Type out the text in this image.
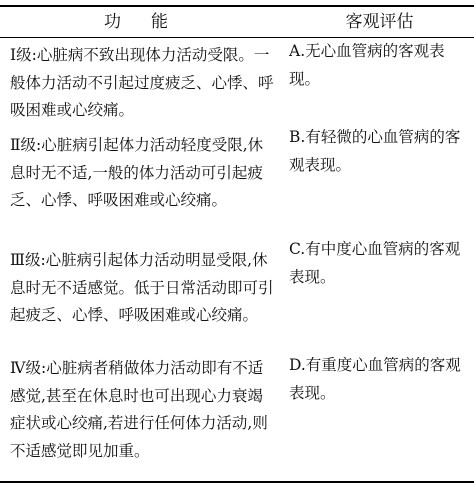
功能	客观评估
Ⅰ级:心脏病不致出现体力活动受限。一般体力活动不引起过度疲乏、心悸、呼吸困难或心绞痛。
A.无心血管病的客观表现。
Ⅱ级:心脏病引起体力活动轻度受限,休息时无不适,一般的体力活动可引起疲乏、心悸、呼吸困难或心绞痛。
B.有轻微的心血管病的客观表现。
Ⅲ级:心脏病引起体力活动明显受限,休息时无不适感觉。低于日常活动即可引起疲乏、心悸、呼吸困难或心绞痛。
C.有中度心血管病的客观表现。
Ⅳ级:心脏病者稍做体力活动即有不适感觉,甚至在休息时也可出现心力衰竭症状或心绞痛,若进行任何体力活动,则不适感觉即见加重。
D.有重度心血管病的客观表现。
